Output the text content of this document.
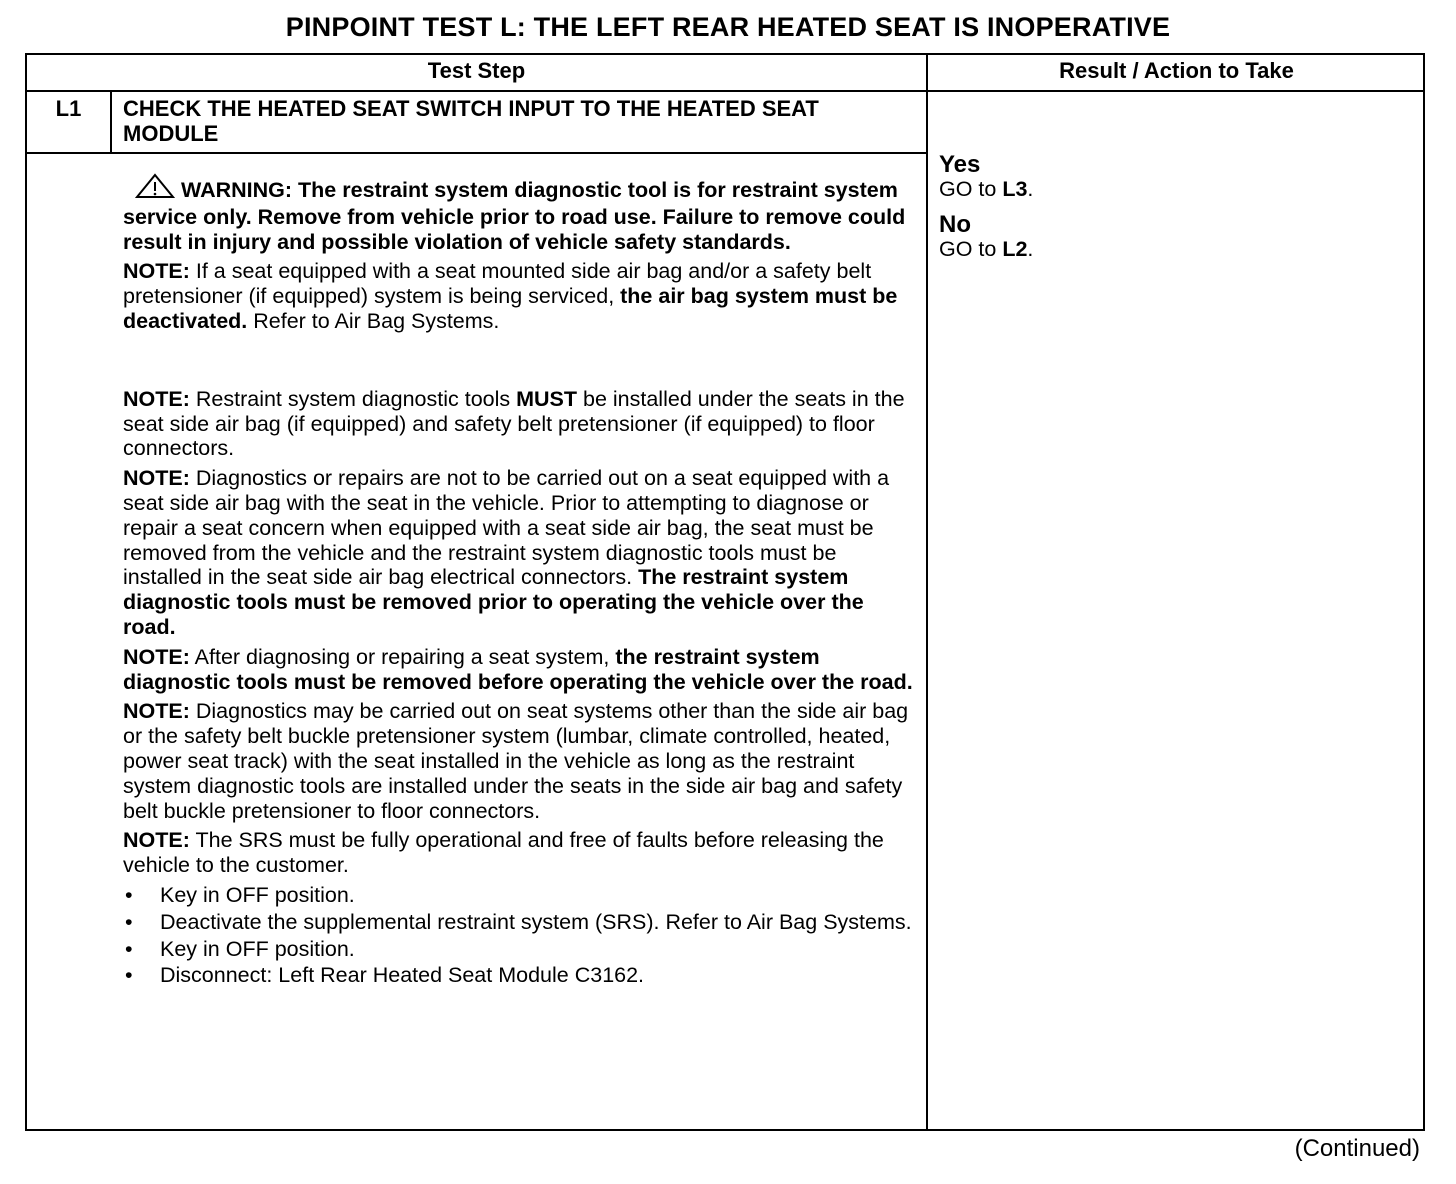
PINPOINT TEST L: THE LEFT REAR HEATED SEAT IS INOPERATIVE
Test Step	Result / Action to Take
L1	CHECK THE HEATED SEAT SWITCH INPUT TO THE HEATED SEAT MODULE

WARNING: The restraint system diagnostic tool is for restraint system service only. Remove from vehicle prior to road use. Failure to remove could result in injury and possible violation of vehicle safety standards.

NOTE: If a seat equipped with a seat mounted side air bag and/or a safety belt pretensioner (if equipped) system is being serviced, the air bag system must be deactivated. Refer to Air Bag Systems.

NOTE: Restraint system diagnostic tools MUST be installed under the seats in the seat side air bag (if equipped) and safety belt pretensioner (if equipped) to floor connectors.

NOTE: Diagnostics or repairs are not to be carried out on a seat equipped with a seat side air bag with the seat in the vehicle. Prior to attempting to diagnose or repair a seat concern when equipped with a seat side air bag, the seat must be removed from the vehicle and the restraint system diagnostic tools must be installed in the seat side air bag electrical connectors. The restraint system diagnostic tools must be removed prior to operating the vehicle over the road.

NOTE: After diagnosing or repairing a seat system, the restraint system diagnostic tools must be removed before operating the vehicle over the road.

NOTE: Diagnostics may be carried out on seat systems other than the side air bag or the safety belt buckle pretensioner system (lumbar, climate controlled, heated, power seat track) with the seat installed in the vehicle as long as the restraint system diagnostic tools are installed under the seats in the side air bag and safety belt buckle pretensioner to floor connectors.

NOTE: The SRS must be fully operational and free of faults before releasing the vehicle to the customer.

• Key in OFF position.
• Deactivate the supplemental restraint system (SRS). Refer to Air Bag Systems.
• Key in OFF position.
• Disconnect: Left Rear Heated Seat Module C3162.
Yes
GO to L3.
No
GO to L2.
(Continued)
